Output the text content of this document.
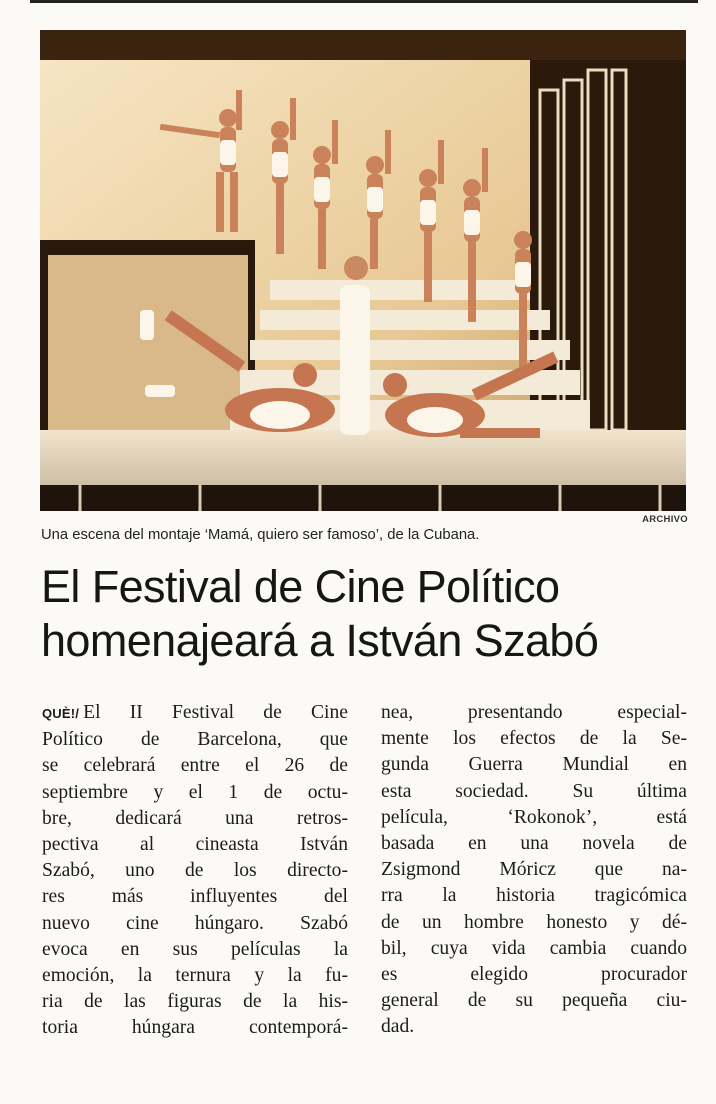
ARCHIVO
Una escena del montaje ‘Mamá, quiero ser famoso’, de la Cubana.
El Festival de Cine Político
homenajeará a István Szabó

QUÈ!/ El II Festival de Cine
Político de Barcelona, que
se celebrará entre el 26 de
septiembre y el 1 de octu-
bre, dedicará una retros-
pectiva al cineasta István
Szabó, uno de los directo-
res más influyentes del
nuevo cine húngaro. Szabó
evoca en sus películas la
emoción, la ternura y la fu-
ria de las figuras de la his-
toria húngara contemporá-

nea, presentando especial-
mente los efectos de la Se-
gunda Guerra Mundial en
esta sociedad. Su última
película, ‘Rokonok’, está
basada en una novela de
Zsigmond Móricz que na-
rra la historia tragicómica
de un hombre honesto y dé-
bil, cuya vida cambia cuando
es elegido procurador
general de su pequeña ciu-
dad.
